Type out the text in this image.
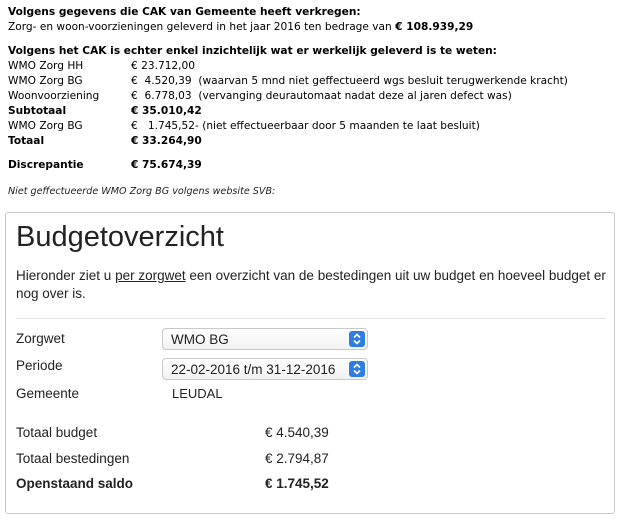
Volgens gegevens die CAK van Gemeente heeft verkregen:
Zorg- en woon-voorzieningen geleverd in het jaar 2016 ten bedrage van € 108.939,29
Volgens het CAK is echter enkel inzichtelijk wat er werkelijk geleverd is te weten:
WMO Zorg HH	€ 23.712,00
WMO Zorg BG	€  4.520,39  (waarvan 5 mnd niet geffectueerd wgs besluit terugwerkende kracht)
Woonvoorziening	€  6.778,03  (vervanging deurautomaat nadat deze al jaren defect was)
Subtotaal	€ 35.010,42
WMO Zorg BG	€   1.745,52- (niet effectueerbaar door 5 maanden te laat besluit)
Totaal	€ 33.264,90
Discrepantie	€ 75.674,39
Niet geffectueerde WMO Zorg BG volgens website SVB:
Budgetoverzicht
Hieronder ziet u per zorgwet een overzicht van de bestedingen uit uw budget en hoeveel budget er nog over is.
Zorgwet	WMO BG
Periode	22-02-2016 t/m 31-12-2016
Gemeente	LEUDAL
Totaal budget	€ 4.540,39
Totaal bestedingen	€ 2.794,87
Openstaand saldo	€ 1.745,52
